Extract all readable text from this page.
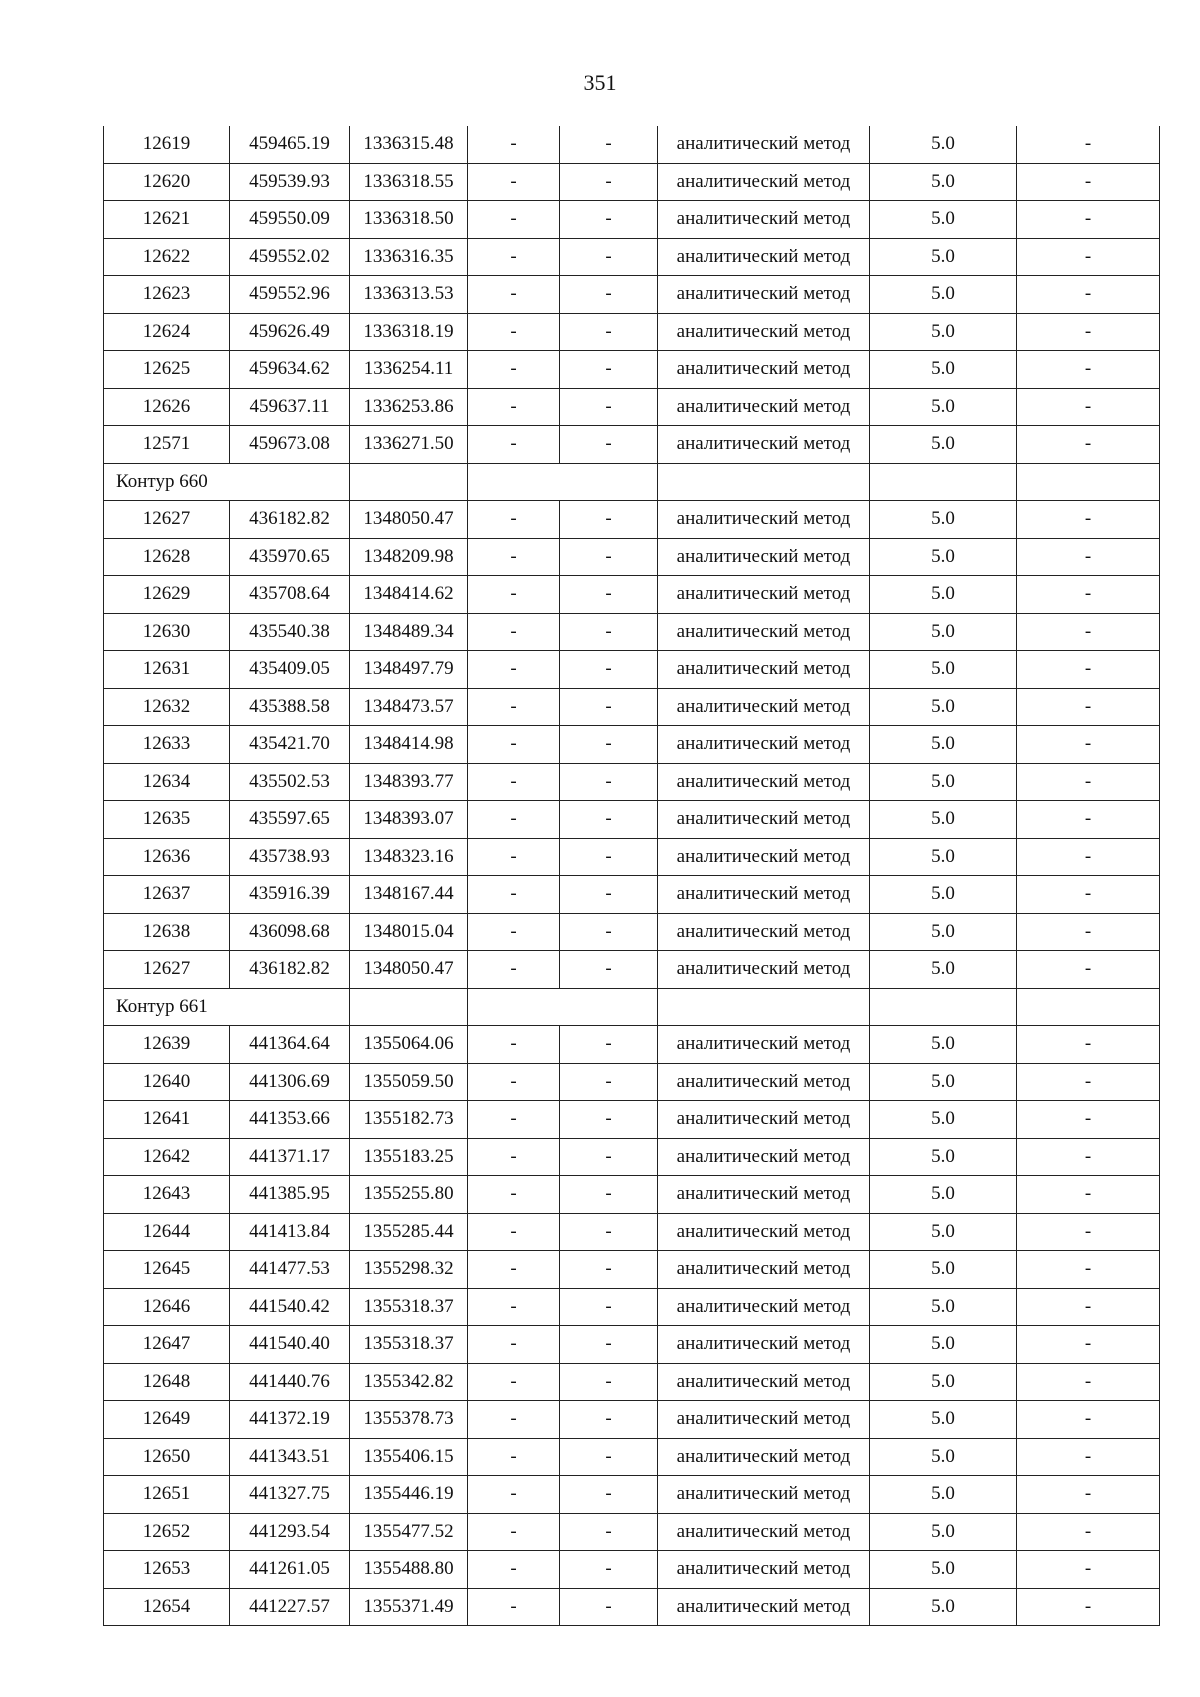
351
12619	459465.19	1336315.48	-	-	аналитический метод	5.0	-
12620	459539.93	1336318.55	-	-	аналитический метод	5.0	-
12621	459550.09	1336318.50	-	-	аналитический метод	5.0	-
12622	459552.02	1336316.35	-	-	аналитический метод	5.0	-
12623	459552.96	1336313.53	-	-	аналитический метод	5.0	-
12624	459626.49	1336318.19	-	-	аналитический метод	5.0	-
12625	459634.62	1336254.11	-	-	аналитический метод	5.0	-
12626	459637.11	1336253.86	-	-	аналитический метод	5.0	-
12571	459673.08	1336271.50	-	-	аналитический метод	5.0	-
Контур 660							
12627	436182.82	1348050.47	-	-	аналитический метод	5.0	-
12628	435970.65	1348209.98	-	-	аналитический метод	5.0	-
12629	435708.64	1348414.62	-	-	аналитический метод	5.0	-
12630	435540.38	1348489.34	-	-	аналитический метод	5.0	-
12631	435409.05	1348497.79	-	-	аналитический метод	5.0	-
12632	435388.58	1348473.57	-	-	аналитический метод	5.0	-
12633	435421.70	1348414.98	-	-	аналитический метод	5.0	-
12634	435502.53	1348393.77	-	-	аналитический метод	5.0	-
12635	435597.65	1348393.07	-	-	аналитический метод	5.0	-
12636	435738.93	1348323.16	-	-	аналитический метод	5.0	-
12637	435916.39	1348167.44	-	-	аналитический метод	5.0	-
12638	436098.68	1348015.04	-	-	аналитический метод	5.0	-
12627	436182.82	1348050.47	-	-	аналитический метод	5.0	-
Контур 661							
12639	441364.64	1355064.06	-	-	аналитический метод	5.0	-
12640	441306.69	1355059.50	-	-	аналитический метод	5.0	-
12641	441353.66	1355182.73	-	-	аналитический метод	5.0	-
12642	441371.17	1355183.25	-	-	аналитический метод	5.0	-
12643	441385.95	1355255.80	-	-	аналитический метод	5.0	-
12644	441413.84	1355285.44	-	-	аналитический метод	5.0	-
12645	441477.53	1355298.32	-	-	аналитический метод	5.0	-
12646	441540.42	1355318.37	-	-	аналитический метод	5.0	-
12647	441540.40	1355318.37	-	-	аналитический метод	5.0	-
12648	441440.76	1355342.82	-	-	аналитический метод	5.0	-
12649	441372.19	1355378.73	-	-	аналитический метод	5.0	-
12650	441343.51	1355406.15	-	-	аналитический метод	5.0	-
12651	441327.75	1355446.19	-	-	аналитический метод	5.0	-
12652	441293.54	1355477.52	-	-	аналитический метод	5.0	-
12653	441261.05	1355488.80	-	-	аналитический метод	5.0	-
12654	441227.57	1355371.49	-	-	аналитический метод	5.0	-
